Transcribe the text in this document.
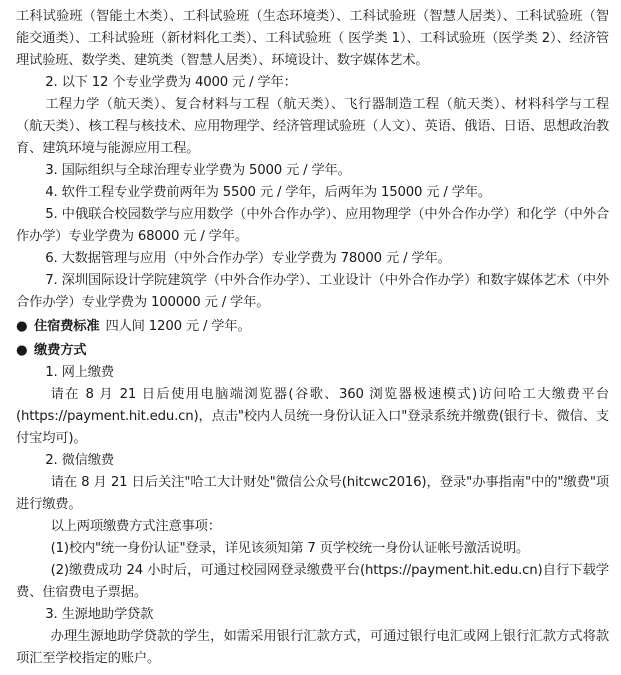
工科试验班（智能土木类）、工科试验班（生态环境类）、工科试验班（智慧人居类）、工科试验班（智能交通类）、工科试验班（新材料化工类）、工科试验班（ 医学类 1）、工科试验班（医学类 2）、经济管理试验班、数学类、建筑类（智慧人居类）、环境设计、数字媒体艺术。

2. 以下 12 个专业学费为 4000 元 / 学年：

工程力学（航天类）、复合材料与工程（航天类）、飞行器制造工程（航天类）、材料科学与工程（航天类）、核工程与核技术、应用物理学、经济管理试验班（人文）、英语、俄语、日语、思想政治教育、建筑环境与能源应用工程。

3. 国际组织与全球治理专业学费为 5000 元 / 学年。

4. 软件工程专业学费前两年为 5500 元 / 学年，后两年为 15000 元 / 学年。

5. 中俄联合校园数学与应用数学（中外合作办学）、应用物理学（中外合作办学）和化学（中外合作办学）专业学费为 68000 元 / 学年。

6. 大数据管理与应用（中外合作办学）专业学费为 78000 元 / 学年。

7. 深圳国际设计学院建筑学（中外合作办学）、工业设计（中外合作办学）和数字媒体艺术（中外合作办学）专业学费为 100000 元 / 学年。

● 住宿费标准 四人间 1200 元 / 学年。

● 缴费方式

1. 网上缴费

请在 8 月 21 日后使用电脑端浏览器(谷歌、360 浏览器极速模式)访问哈工大缴费平台(https://payment.hit.edu.cn)，点击"校内人员统一身份认证入口"登录系统并缴费(银行卡、微信、支付宝均可)。

2. 微信缴费

请在 8 月 21 日后关注"哈工大计财处"微信公众号(hitcwc2016)，登录"办事指南"中的"缴费"项进行缴费。

以上两项缴费方式注意事项：

(1)校内"统一身份认证"登录，详见该须知第 7 页学校统一身份认证帐号激活说明。

(2)缴费成功 24 小时后，可通过校园网登录缴费平台(https://payment.hit.edu.cn)自行下载学费、住宿费电子票据。

3. 生源地助学贷款

办理生源地助学贷款的学生，如需采用银行汇款方式，可通过银行电汇或网上银行汇款方式将款项汇至学校指定的账户。
